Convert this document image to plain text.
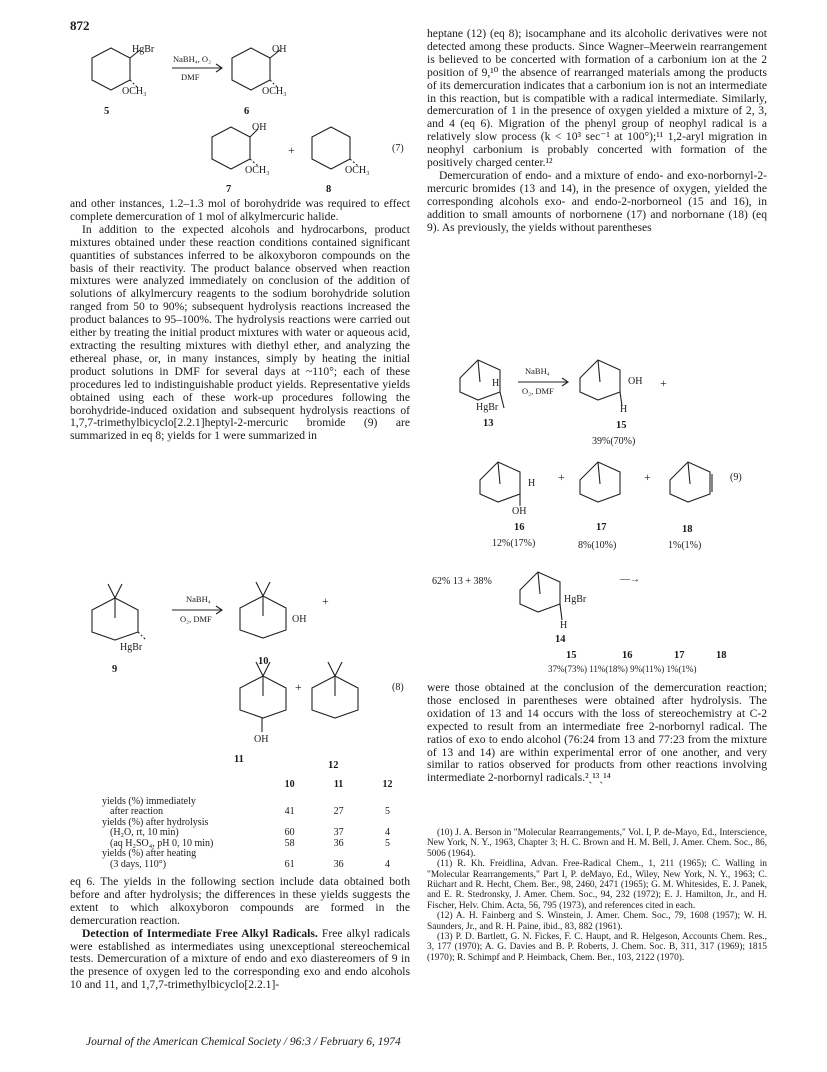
872
HgBr
OCH₃
NaBH₄, O₂
DMF
OH
OCH₃
5	6
OH
OCH₃
+
OCH₃
(7)
7	8

and other instances, 1.2–1.3 mol of borohydride was required to effect complete demercuration of 1 mol of alkylmercuric halide.

In addition to the expected alcohols and hydrocarbons, product mixtures obtained under these reaction conditions contained significant quantities of substances inferred to be alkoxyboron compounds on the basis of their reactivity. The product balance observed when reaction mixtures were analyzed immediately on conclusion of the addition of solutions of alkylmercury reagents to the sodium borohydride solution ranged from 50 to 90%; subsequent hydrolysis reactions increased the product balances to 95–100%. The hydrolysis reactions were carried out either by treating the initial product mixtures with water or aqueous acid, extracting the resulting mixtures with diethyl ether, and analyzing the ethereal phase, or, in many instances, simply by heating the initial product solutions in DMF for several days at ~110°; each of these procedures led to indistinguishable product yields. Representative yields obtained using each of these work-up procedures following the borohydride-induced oxidation and subsequent hydrolysis reactions of 1,7,7-trimethylbicyclo[2.2.1]heptyl-2-mercuric bromide (9) are summarized in eq 8; yields for 1 were summarized in

HgBr
NaBH₄
O₂, DMF	OH
+
9
10
+	(8)
OH
11
12
	10	11	12

yields (%) immediately
after reaction	41	27	5

yields (%) after hydrolysis
(H₂O, rt, 10 min)	60	37	4

(aq H₂SO₄, pH 0, 10 min)	58	36	5

yields (%) after heating
(3 days, 110°)	61	36	4

eq 6. The yields in the following section include data obtained both before and after hydrolysis; the differences in these yields suggests the extent to which alkoxyboron compounds are formed in the demercuration reaction.

Detection of Intermediate Free Alkyl Radicals. Free alkyl radicals were established as intermediates using unexceptional stereochemical tests. Demercuration of a mixture of endo and exo diastereomers of 9 in the presence of oxygen led to the corresponding exo and endo alcohols 10 and 11, and 1,7,7-trimethylbicyclo[2.2.1]-

heptane (12) (eq 8); isocamphane and its alcoholic derivatives were not detected among these products. Since Wagner–Meerwein rearrangement is believed to be concerted with formation of a carbonium ion at the 2 position of 9,¹⁰ the absence of rearranged materials among the products of its demercuration indicates that a carbonium ion is not an intermediate in this reaction, but is compatible with a radical intermediate. Similarly, demercuration of 1 in the presence of oxygen yielded a mixture of 2, 3, and 4 (eq 6). Migration of the phenyl group of neophyl radical is a relatively slow process (k < 10³ sec⁻¹ at 100°);¹¹ 1,2-aryl migration in neophyl carbonium is probably concerted with formation of the positively charged center.¹²

Demercuration of endo- and a mixture of endo- and exo-norbornyl-2-mercuric bromides (13 and 14), in the presence of oxygen, yielded the corresponding alcohols exo- and endo-2-norborneol (15 and 16), in addition to small amounts of norbornene (17) and norbornane (18) (eq 9). As previously, the yields without parentheses

NaBH₄
O₂, DMF
H
HgBr
13
OH +
H
15
39%(70%)
H +	+	(9)
OH
16	17	18
12%(17%)	8%(10%)	1%(1%)
62% 13 + 38%	—→
HgBr
H
14
15	16	17	18
37%(73%) 11%(18%) 9%(11%) 1%(1%)

were those obtained at the conclusion of the demercuration reaction; those enclosed in parentheses were obtained after hydrolysis. The oxidation of 13 and 14 occurs with the loss of stereochemistry at C-2 expected to result from an intermediate free 2-norbornyl radical. The ratios of exo to endo alcohol (76:24 from 13 and 77:23 from the mixture of 13 and 14) are within experimental error of one another, and very similar to ratios observed for products from other reactions involving intermediate 2-norbornyl radicals.²ˎ¹³ˎ¹⁴

(10) J. A. Berson in "Molecular Rearrangements," Vol. I, P. de-Mayo, Ed., Interscience, New York, N. Y., 1963, Chapter 3; H. C. Brown and H. M. Bell, J. Amer. Chem. Soc., 86, 5006 (1964).

(11) R. Kh. Freidlina, Advan. Free-Radical Chem., 1, 211 (1965); C. Walling in "Molecular Rearrangements," Part I, P. deMayo, Ed., Wiley, New York, N. Y., 1963; C. Rüchart and R. Hecht, Chem. Ber., 98, 2460, 2471 (1965); G. M. Whitesides, E. J. Panek, and E. R. Stedronsky, J. Amer. Chem. Soc., 94, 232 (1972); E. J. Hamilton, Jr., and H. Fischer, Helv. Chim. Acta, 56, 795 (1973), and references cited in each.

(12) A. H. Fainberg and S. Winstein, J. Amer. Chem. Soc., 79, 1608 (1957); W. H. Saunders, Jr., and R. H. Paine, ibid., 83, 882 (1961).

(13) P. D. Bartlett, G. N. Fickes, F. C. Haupt, and R. Helgeson, Accounts Chem. Res., 3, 177 (1970); A. G. Davies and B. P. Roberts, J. Chem. Soc. B, 311, 317 (1969); 1815 (1970); R. Schimpf and P. Heimback, Chem. Ber., 103, 2122 (1970).

Journal of the American Chemical Society / 96:3 / February 6, 1974
